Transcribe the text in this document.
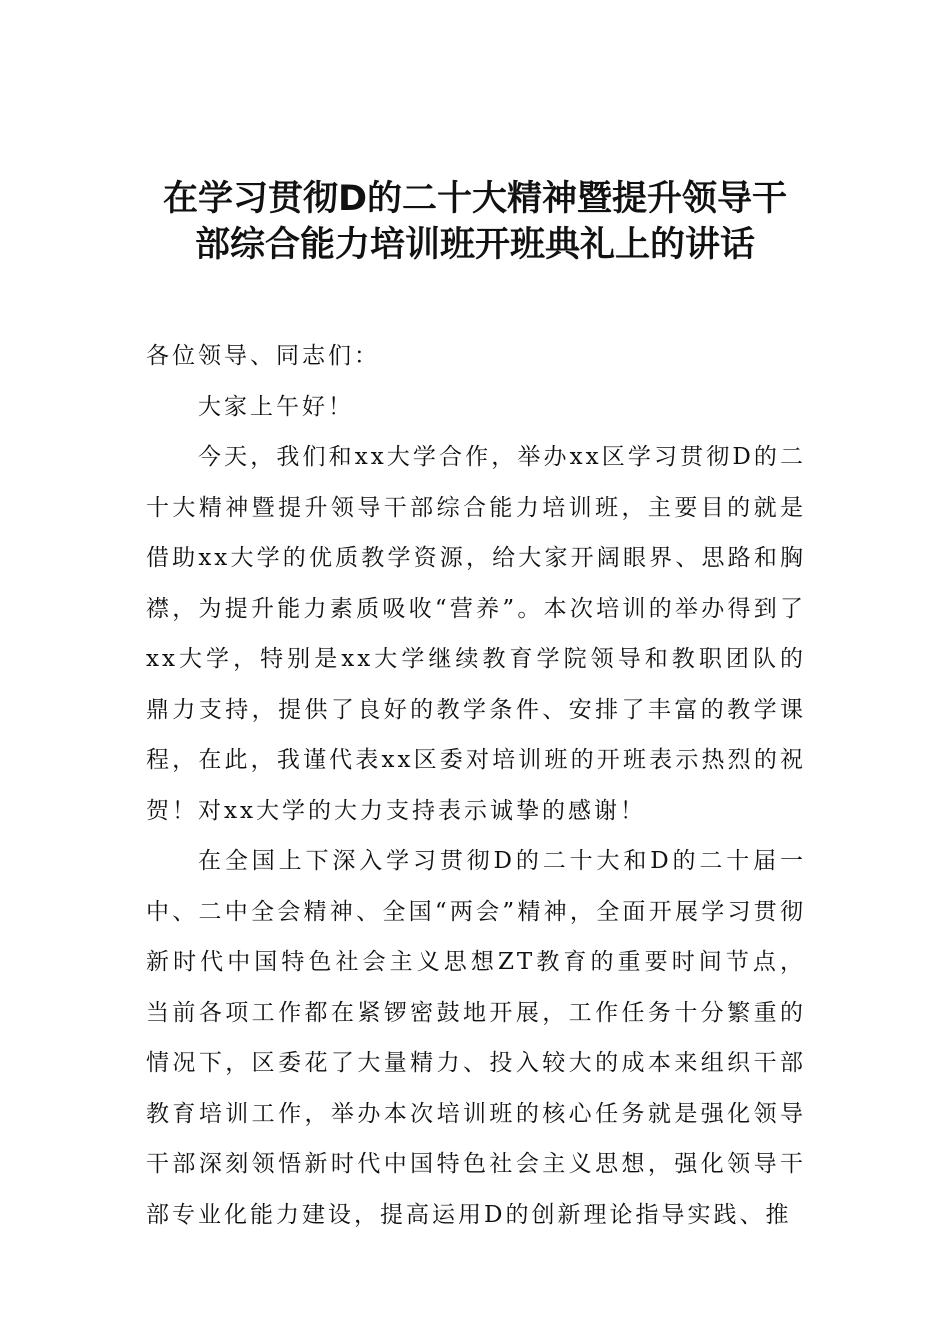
在学习贯彻D的二十大精神暨提升领导干
部综合能力培训班开班典礼上的讲话

各位领导、同志们：

大家上午好！

今天，我们和xx大学合作，举办xx区学习贯彻D的二十大精神暨提升领导干部综合能力培训班，主要目的就是借助xx大学的优质教学资源，给大家开阔眼界、思路和胸襟，为提升能力素质吸收“营养”。本次培训的举办得到了xx大学，特别是xx大学继续教育学院领导和教职团队的鼎力支持，提供了良好的教学条件、安排了丰富的教学课程，在此，我谨代表xx区委对培训班的开班表示热烈的祝贺！对xx大学的大力支持表示诚挚的感谢！

在全国上下深入学习贯彻D的二十大和D的二十届一中、二中全会精神、全国“两会”精神，全面开展学习贯彻新时代中国特色社会主义思想ZT教育的重要时间节点，当前各项工作都在紧锣密鼓地开展，工作任务十分繁重的情况下，区委花了大量精力、投入较大的成本来组织干部教育培训工作，举办本次培训班的核心任务就是强化领导干部深刻领悟新时代中国特色社会主义思想，强化领导干部专业化能力建设，提高运用D的创新理论指导实践、推
